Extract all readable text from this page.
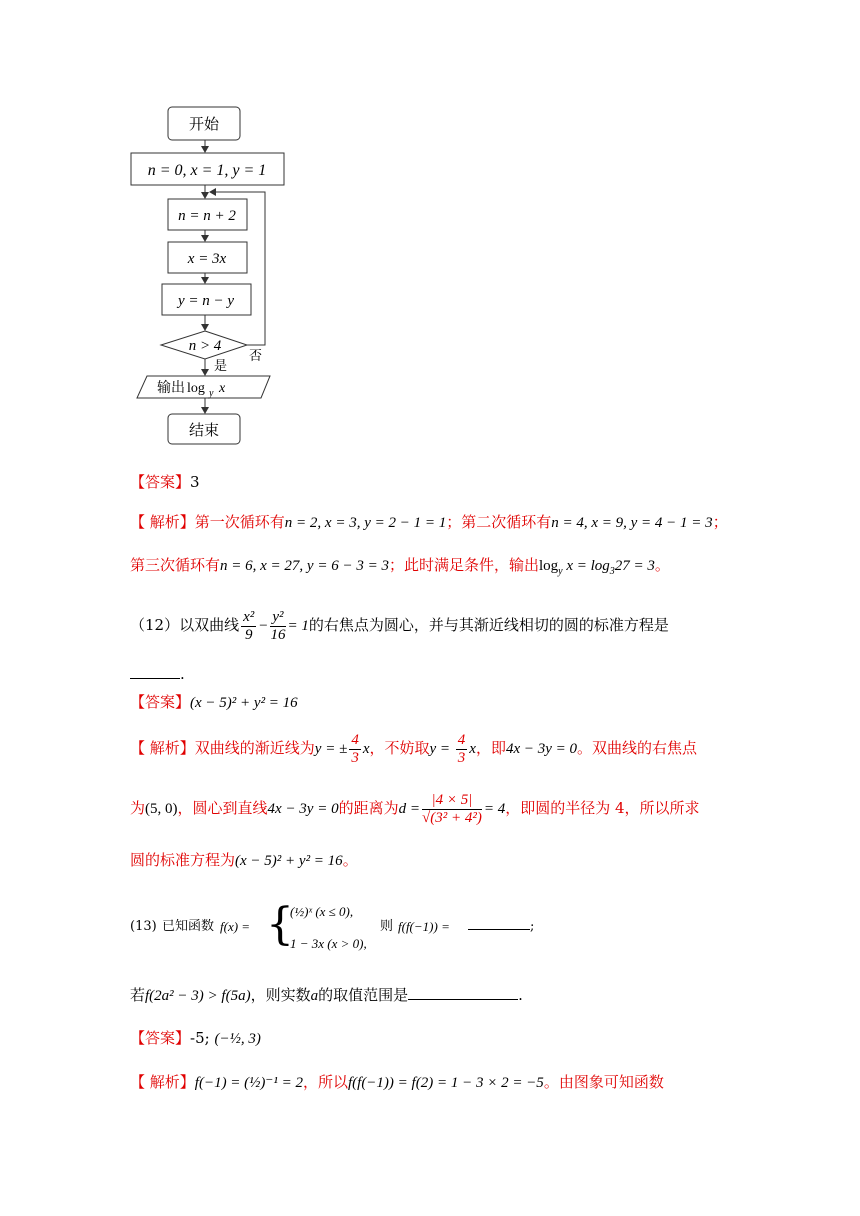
开始
n = 0, x = 1, y = 1
n = n + 2
x = 3x
y = n − y
n > 4
否
是
输出 log y x
结束
【答案】3
【 解析】第一次循环有n = 2, x = 3, y = 2 − 1 = 1；第二次循环有n = 4, x = 9, y = 4 − 1 = 3；
第三次循环有n = 6, x = 27, y = 6 − 3 = 3；此时满足条件，输出$\log_y x = \log_327 = 3$。
（12）以双曲线 $\frac{\text{x²}}{9} - \frac{\text{y²}}{16} = 1$的右焦点为圆心，并与其渐近线相切的圆的标准方程是
.
【答案】(x − 5)² + y² = 16
【 解析】双曲线的渐近线为y = ± $\frac{4}{3}$ x，不妨取$y = \frac{4}{3}$ x，即4x − 3y = 0。双曲线的右焦点
为(5, 0)，圆心到直线4x − 3y = 0的距离为$d = \frac{|4 \times 5|}{\text{√(3² + 4²)}} = 4$，即圆的半径为 4，所以所求
圆的标准方程为(x − 5)² + y² = 16。
(13) 已知函数 f(x) = {
(½)ˣ (x ≤ 0),
1 − 3x (x > 0),
则 f(f(−1)) =	;
若f(2a² − 3) > f(5a)，则实数a的取值范围是	.
【答案】-5; (−½, 3)
【 解析】f(−1) = (½)⁻¹ = 2，所以f(f(−1)) = f(2) = 1 − 3 × 2 = −5。由图象可知函数
